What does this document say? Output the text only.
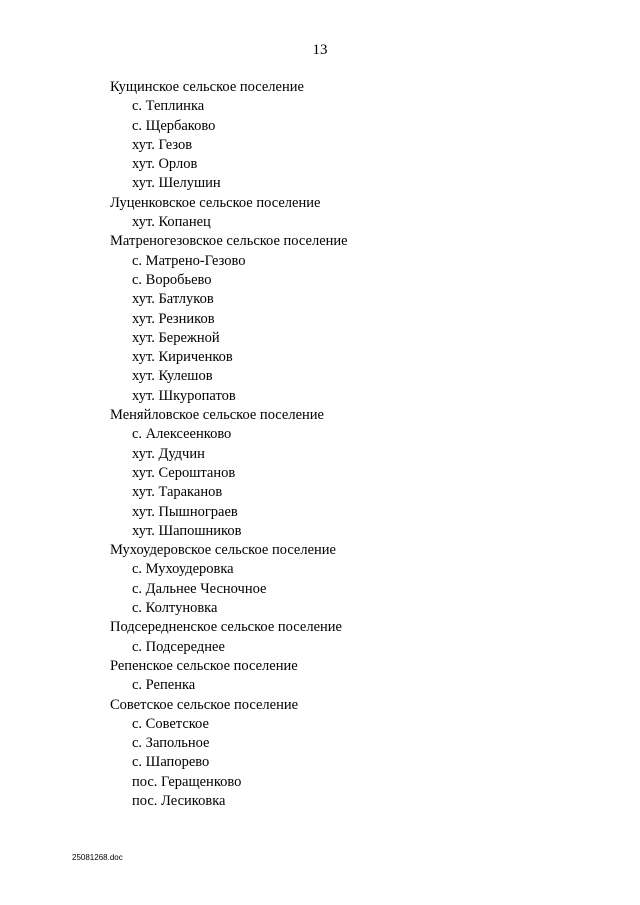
13
Кущинское сельское поселение
с. Теплинка
с. Щербаково
хут. Гезов
хут. Орлов
хут. Шелушин
Луценковское сельское поселение
хут. Копанец
Матреногезовское сельское поселение
с. Матрено-Гезово
с. Воробьево
хут. Батлуков
хут. Резников
хут. Бережной
хут. Кириченков
хут. Кулешов
хут. Шкуропатов
Меняйловское сельское поселение
с. Алексеенково
хут. Дудчин
хут. Сероштанов
хут. Тараканов
хут. Пышнограев
хут. Шапошников
Мухоудеровское сельское поселение
с. Мухоудеровка
с. Дальнее Чесночное
с. Колтуновка
Подсередненское сельское поселение
с. Подсереднее
Репенское сельское поселение
с. Репенка
Советское сельское поселение
с. Советское
с. Запольное
с. Шапорево
пос. Геращенково
пос. Лесиковка
25081268.doc
